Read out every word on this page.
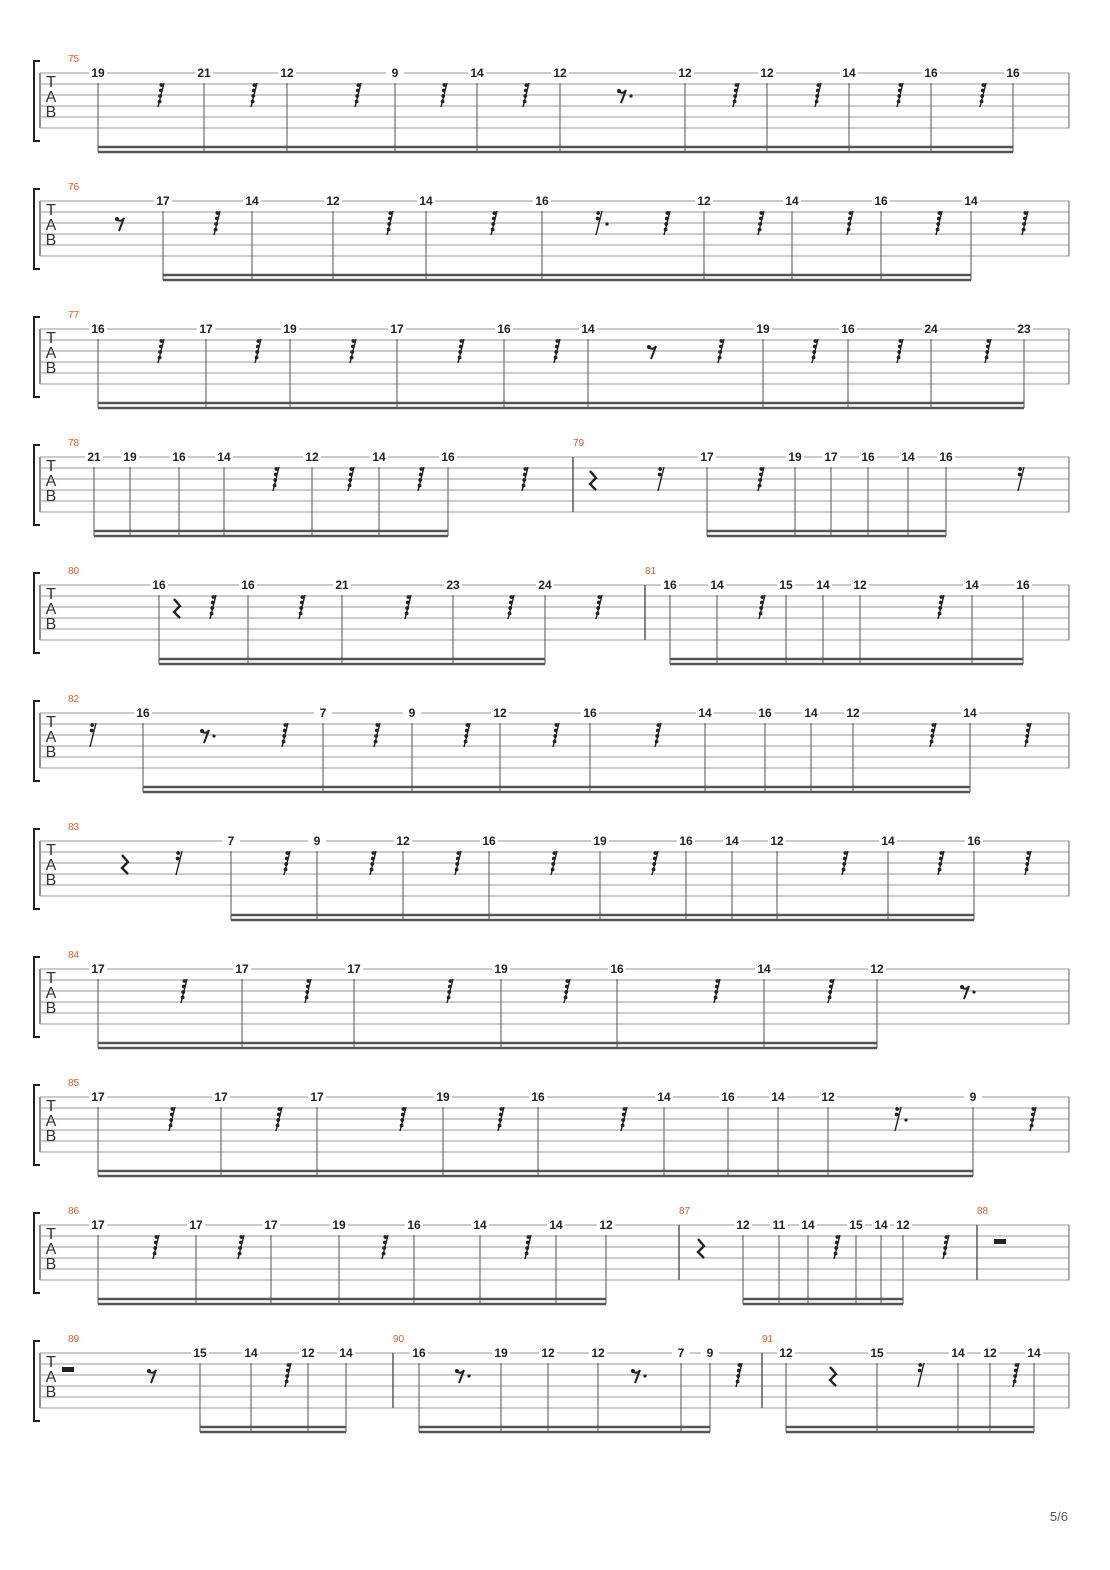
T
A
B
75
19	21	12	9	14	12	12	12	14	16	16
T
A
B
76
17	14	12	14	16	12	14	16	14
T
A
B
77
16	17	19	17	16	14	19	16	24	23
T
A
B
78
21 19	16	14	12	14	16
79
17	19 17 16 14 16
T
A
B
80
16	16	21	23	24
81
16	14	15 14 12	14	16
T
A
B
82
16	7	9	12	16	14	16	14 12	14
T
A
B
83
7	9	12	16	19	16	14	12	14	16
T
A
B
84
17	17	17	19	16	14	12
T
A
B
85
17	17	17	19	16	14	16	14	12	9
T
A
B
86
17	17	17	19	16	14	14	12
87
12 11 14	15 14 12
88
T
A
B
89
15	14	12 14
90
16	19	12	12	7 9
91
12	15	14 12	14
5/6
